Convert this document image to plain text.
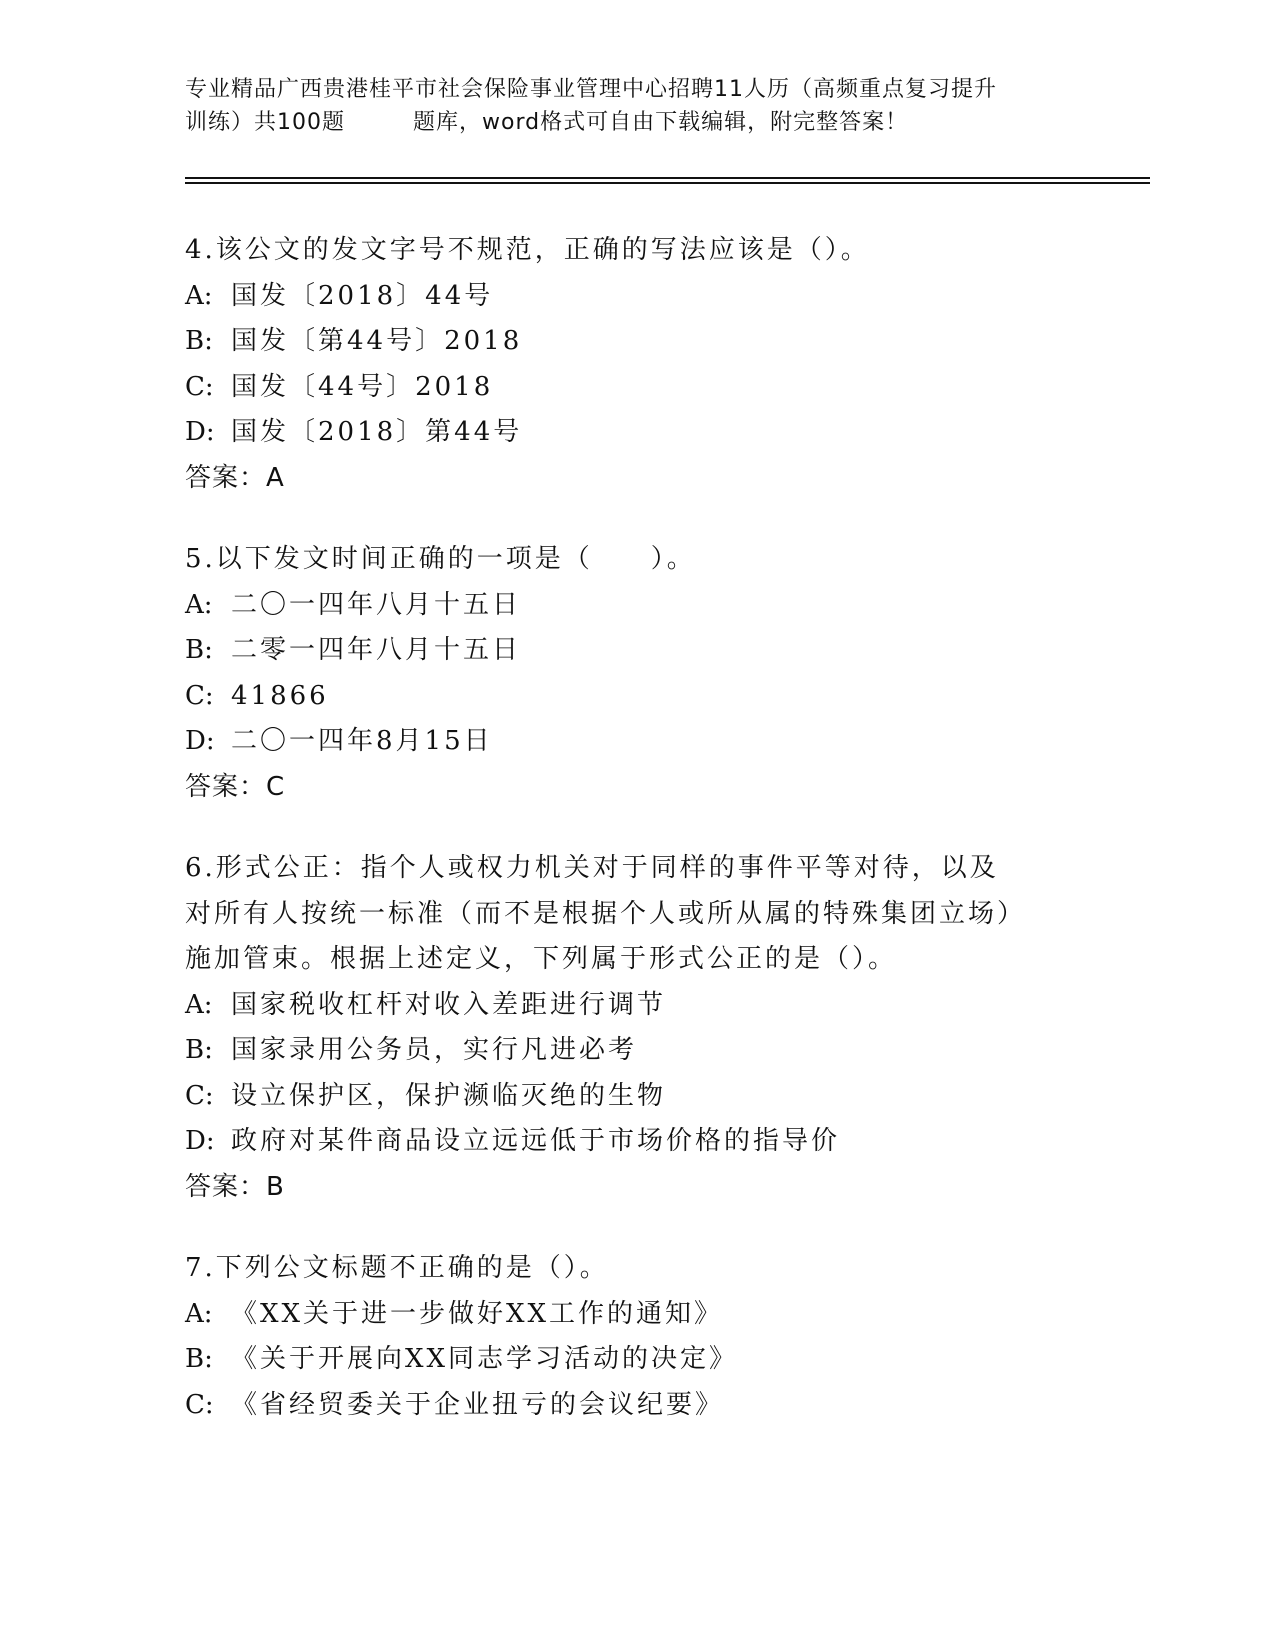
专业精品广西贵港桂平市社会保险事业管理中心招聘11人历（高频重点复习提升
训练）共100题	题库，word格式可自由下载编辑，附完整答案！
4.该公文的发文字号不规范，正确的写法应该是（）。
A: 国发〔2018〕44号
B: 国发〔第44号〕2018
C: 国发〔44号〕2018
D: 国发〔2018〕第44号
答案：A
5.以下发文时间正确的一项是（　　）。
A: 二〇一四年八月十五日
B: 二零一四年八月十五日
C: 41866
D: 二〇一四年8月15日
答案：C
6.形式公正：指个人或权力机关对于同样的事件平等对待，以及对所有人按统一标准（而不是根据个人或所从属的特殊集团立场）施加管束。根据上述定义，下列属于形式公正的是（）。
A: 国家税收杠杆对收入差距进行调节
B: 国家录用公务员，实行凡进必考
C: 设立保护区，保护濒临灭绝的生物
D: 政府对某件商品设立远远低于市场价格的指导价
答案：B
7.下列公文标题不正确的是（）。
A: 《XX关于进一步做好XX工作的通知》
B: 《关于开展向XX同志学习活动的决定》
C: 《省经贸委关于企业扭亏的会议纪要》
